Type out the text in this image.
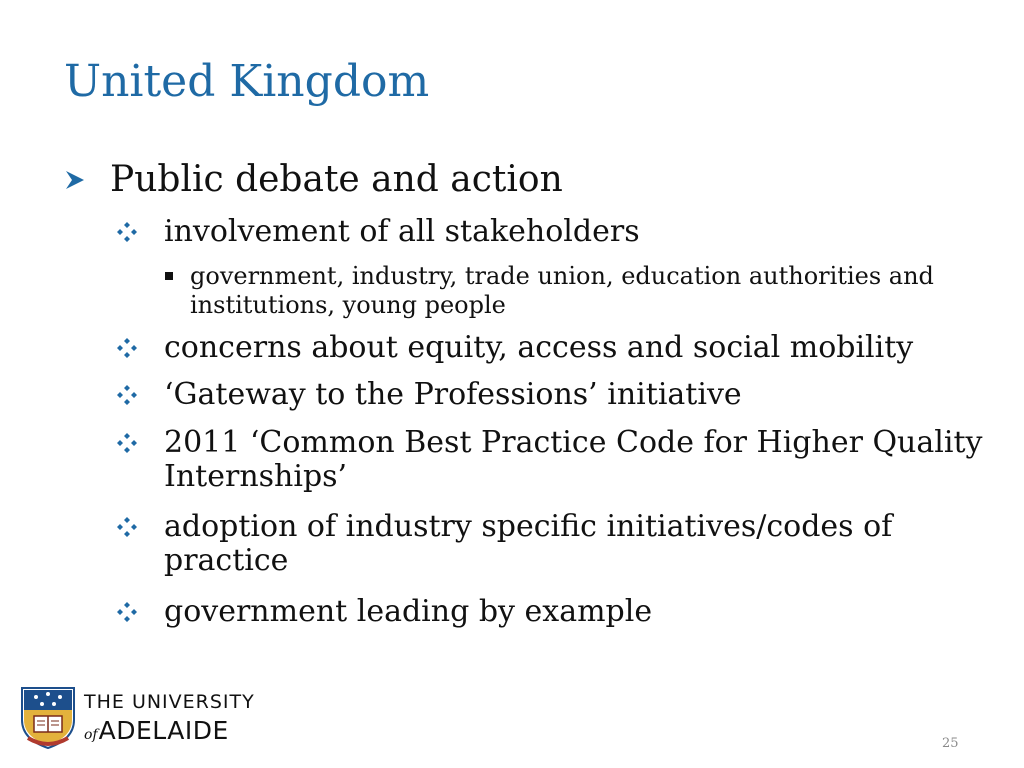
United Kingdom
Public debate and action
involvement of all stakeholders
government, industry, trade union, education authorities and institutions, young people
concerns about equity, access and social mobility
‘Gateway to the Professions’ initiative
2011 ‘Common Best Practice Code for Higher Quality Internships’
adoption of industry specific initiatives/codes of practice
government leading by example
THE UNIVERSITY
of ADELAIDE	25
